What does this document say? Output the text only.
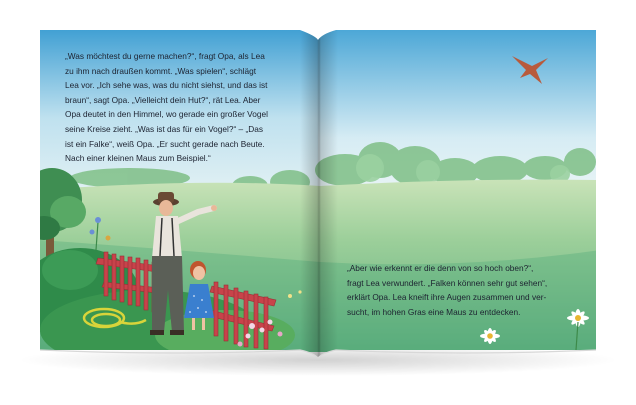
„Was möchtest du gerne machen?“, fragt Opa, als Lea
zu ihm nach draußen kommt. „Was spielen“, schlägt
Lea vor. „Ich sehe was, was du nicht siehst, und das ist
braun“, sagt Opa. „Vielleicht dein Hut?“, rät Lea. Aber
Opa deutet in den Himmel, wo gerade ein großer Vogel
seine Kreise zieht. „Was ist das für ein Vogel?“ – „Das
ist ein Falke“, weiß Opa. „Er sucht gerade nach Beute.
Nach einer kleinen Maus zum Beispiel.“
„Aber wie erkennt er die denn von so hoch oben?“,
fragt Lea verwundert. „Falken können sehr gut sehen“,
erklärt Opa. Lea kneift ihre Augen zusammen und ver-
sucht, im hohen Gras eine Maus zu entdecken.
